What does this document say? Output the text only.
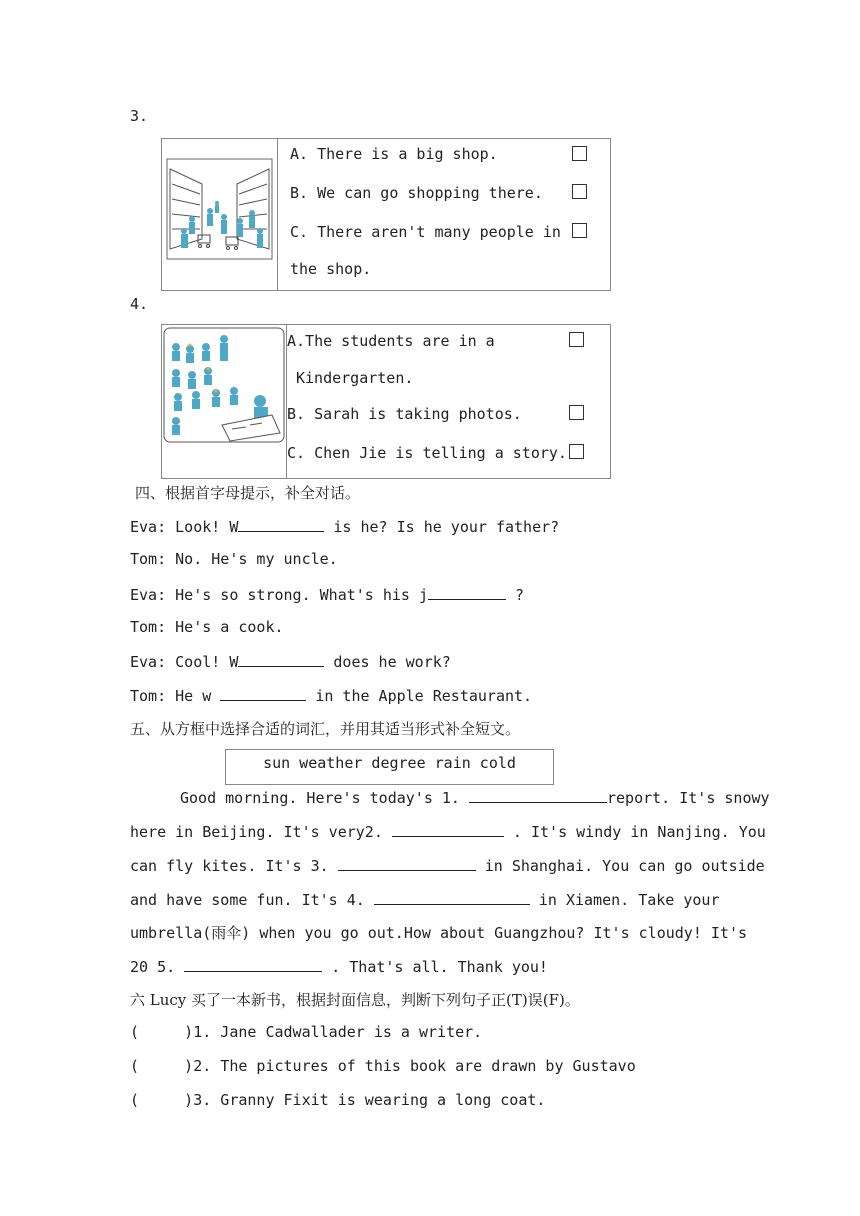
3.
A. There is a big shop.
B. We can go shopping there.
C. There aren't many people in
the shop.
4.
A.The students are in a
Kindergarten.
B. Sarah is taking photos.
C. Chen Jie is telling a story.
四、根据首字母提示，补全对话。
Eva: Look! W	is he? Is he your father?
Tom: No. He's my uncle.
Eva: He's so strong. What's his j	?
Tom: He's a cook.
Eva: Cool! W	does he work?
Tom: He w	in the Apple Restaurant.
五、从方框中选择合适的词汇，并用其适当形式补全短文。
sun weather degree rain cold
Good morning. Here's today's 1.	report. It's snowy
here in Beijing. It's very2.	. It's windy in Nanjing. You
can fly kites. It's 3.	in Shanghai. You can go outside
and have some fun. It's 4.	in Xiamen. Take your
umbrella(雨伞) when you go out.How about Guangzhou? It's cloudy! It's
20 5.	. That's all. Thank you!
六 Lucy 买了一本新书，根据封面信息，判断下列句子正(T)误(F)。
(     )1. Jane Cadwallader is a writer.
(     )2. The pictures of this book are drawn by Gustavo
(     )3. Granny Fixit is wearing a long coat.
